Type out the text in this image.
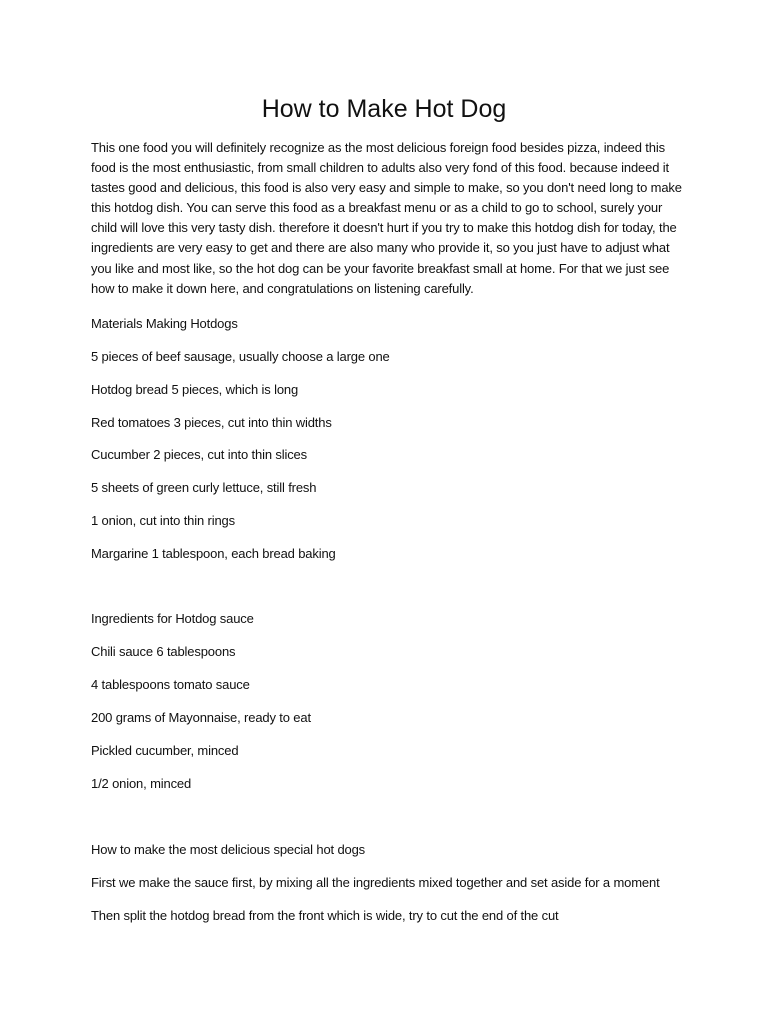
How to Make Hot Dog

This one food you will definitely recognize as the most delicious foreign food besides pizza, indeed this food is the most enthusiastic, from small children to adults also very fond of this food. because indeed it tastes good and delicious, this food is also very easy and simple to make, so you don't need long to make this hotdog dish. You can serve this food as a breakfast menu or as a child to go to school, surely your child will love this very tasty dish. therefore it doesn't hurt if you try to make this hotdog dish for today, the ingredients are very easy to get and there are also many who provide it, so you just have to adjust what you like and most like, so the hot dog can be your favorite breakfast small at home. For that we just see how to make it down here, and congratulations on listening carefully.

Materials Making Hotdogs

5 pieces of beef sausage, usually choose a large one

Hotdog bread 5 pieces, which is long

Red tomatoes 3 pieces, cut into thin widths

Cucumber 2 pieces, cut into thin slices

5 sheets of green curly lettuce, still fresh

1 onion, cut into thin rings

Margarine 1 tablespoon, each bread baking

Ingredients for Hotdog sauce

Chili sauce 6 tablespoons

4 tablespoons tomato sauce

200 grams of Mayonnaise, ready to eat

Pickled cucumber, minced

1/2 onion, minced

How to make the most delicious special hot dogs

First we make the sauce first, by mixing all the ingredients mixed together and set aside for a moment

Then split the hotdog bread from the front which is wide, try to cut the end of the cut
